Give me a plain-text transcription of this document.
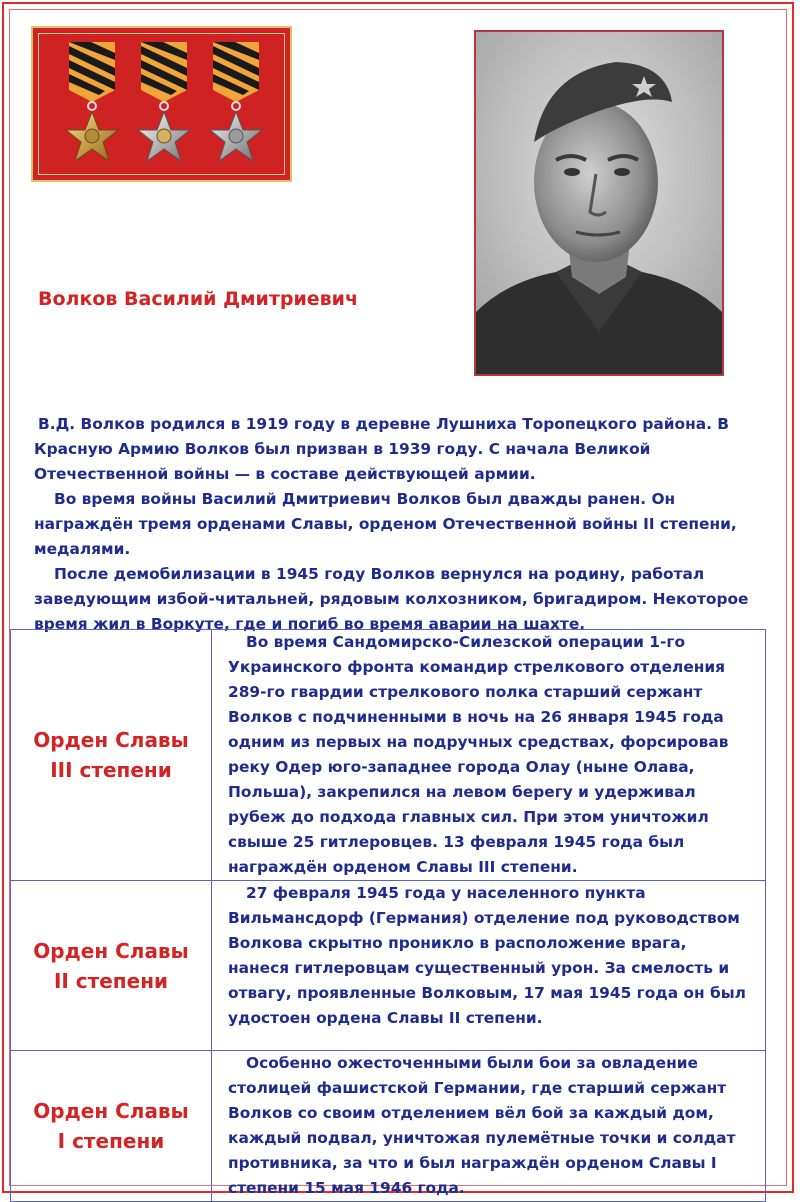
Волков Василий Дмитриевич

В.Д. Волков родился в 1919 году в деревне Лушниха Торопецкого района. В Красную Армию Волков был призван в 1939 году. С начала Великой Отечественной войны — в составе действующей армии.

Во время войны Василий Дмитриевич Волков был дважды ранен. Он награждён тремя орденами Славы, орденом Отечественной войны II степени, медалями.

После демобилизации в 1945 году Волков вернулся на родину, работал заведующим избой-читальней, рядовым колхозником, бригадиром. Некоторое время жил в Воркуте, где и погиб во время аварии на шахте.

Орден Славы
III степени	Во время Сандомирско-Силезской операции 1-го Украинского фронта командир стрелкового отделения 289-го гвардии стрелкового полка старший сержант Волков с подчиненными в ночь на 26 января 1945 года одним из первых на подручных средствах, форсировав реку Одер юго-западнее города Олау (ныне Олава, Польша), закрепился на левом берегу и удерживал рубеж до подхода главных сил. При этом уничтожил свыше 25 гитлеровцев. 13 февраля 1945 года был награждён орденом Славы III степени.
Орден Славы
II степени	27 февраля 1945 года у населенного пункта Вильмансдорф (Германия) отделение под руководством Волкова скрытно проникло в расположение врага, нанеся гитлеровцам существенный урон. За смелость и отвагу, проявленные Волковым, 17 мая 1945 года он был удостоен ордена Славы II степени.
Орден Славы
I степени	Особенно ожесточенными были бои за овладение столицей фашистской Германии, где старший сержант Волков со своим отделением вёл бой за каждый дом, каждый подвал, уничтожая пулемётные точки и солдат противника, за что и был награждён орденом Славы I степени 15 мая 1946 года.
